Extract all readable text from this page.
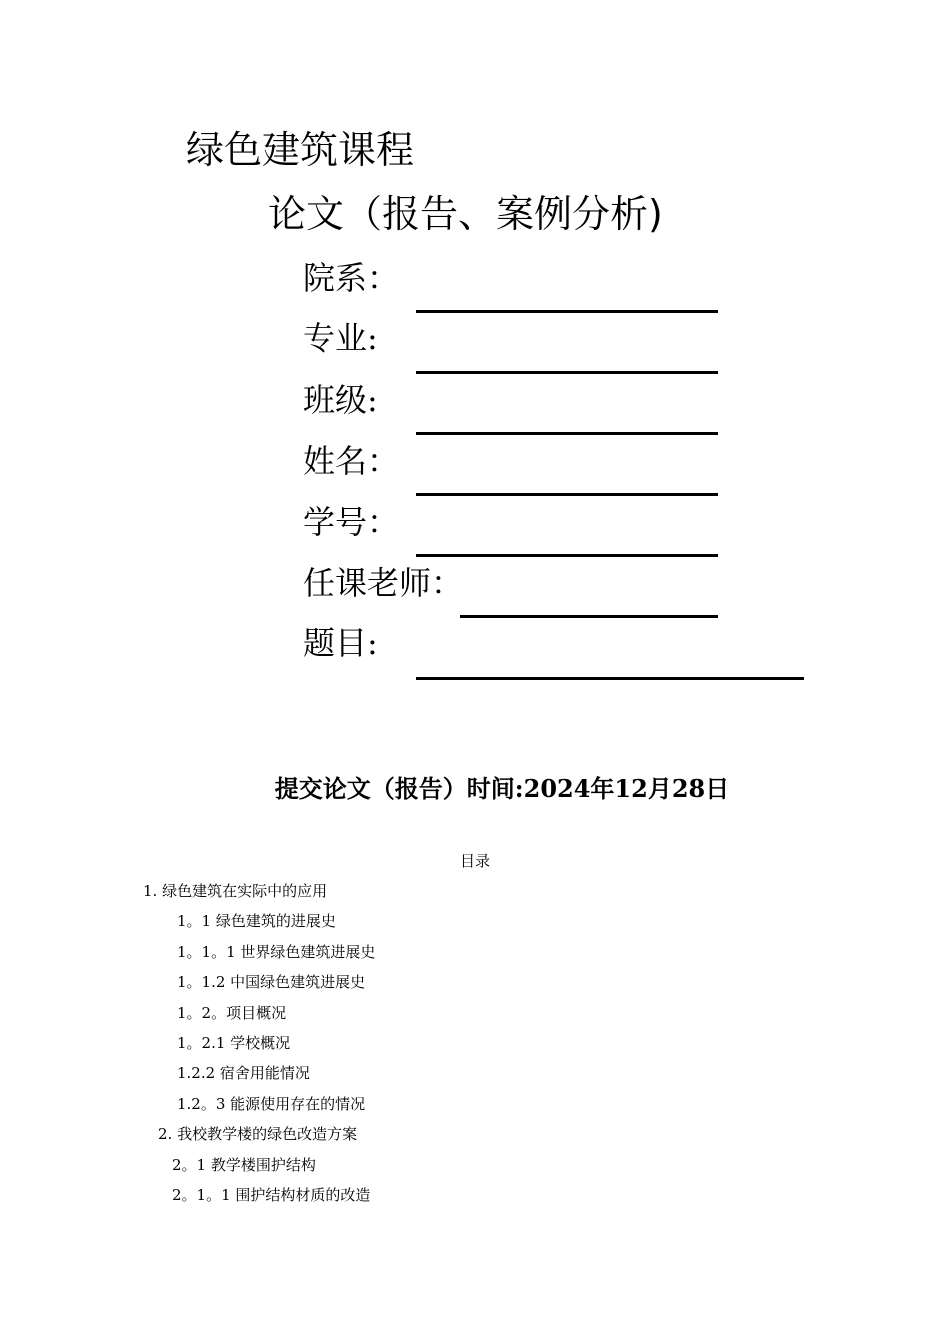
绿色建筑课程
论文（报告、案例分析)
院系：
专业:
班级:
姓名：
学号：
任课老师：
题目:
提交论文（报告）时间:2024年12月28日
目录
1. 绿色建筑在实际中的应用
1。1 绿色建筑的进展史
1。1。1 世界绿色建筑进展史
1。1.2 中国绿色建筑进展史
1。2。项目概况
1。2.1 学校概况
1.2.2 宿舍用能情况
1.2。3 能源使用存在的情况
2. 我校教学楼的绿色改造方案
2。1 教学楼围护结构
2。1。1 围护结构材质的改造
